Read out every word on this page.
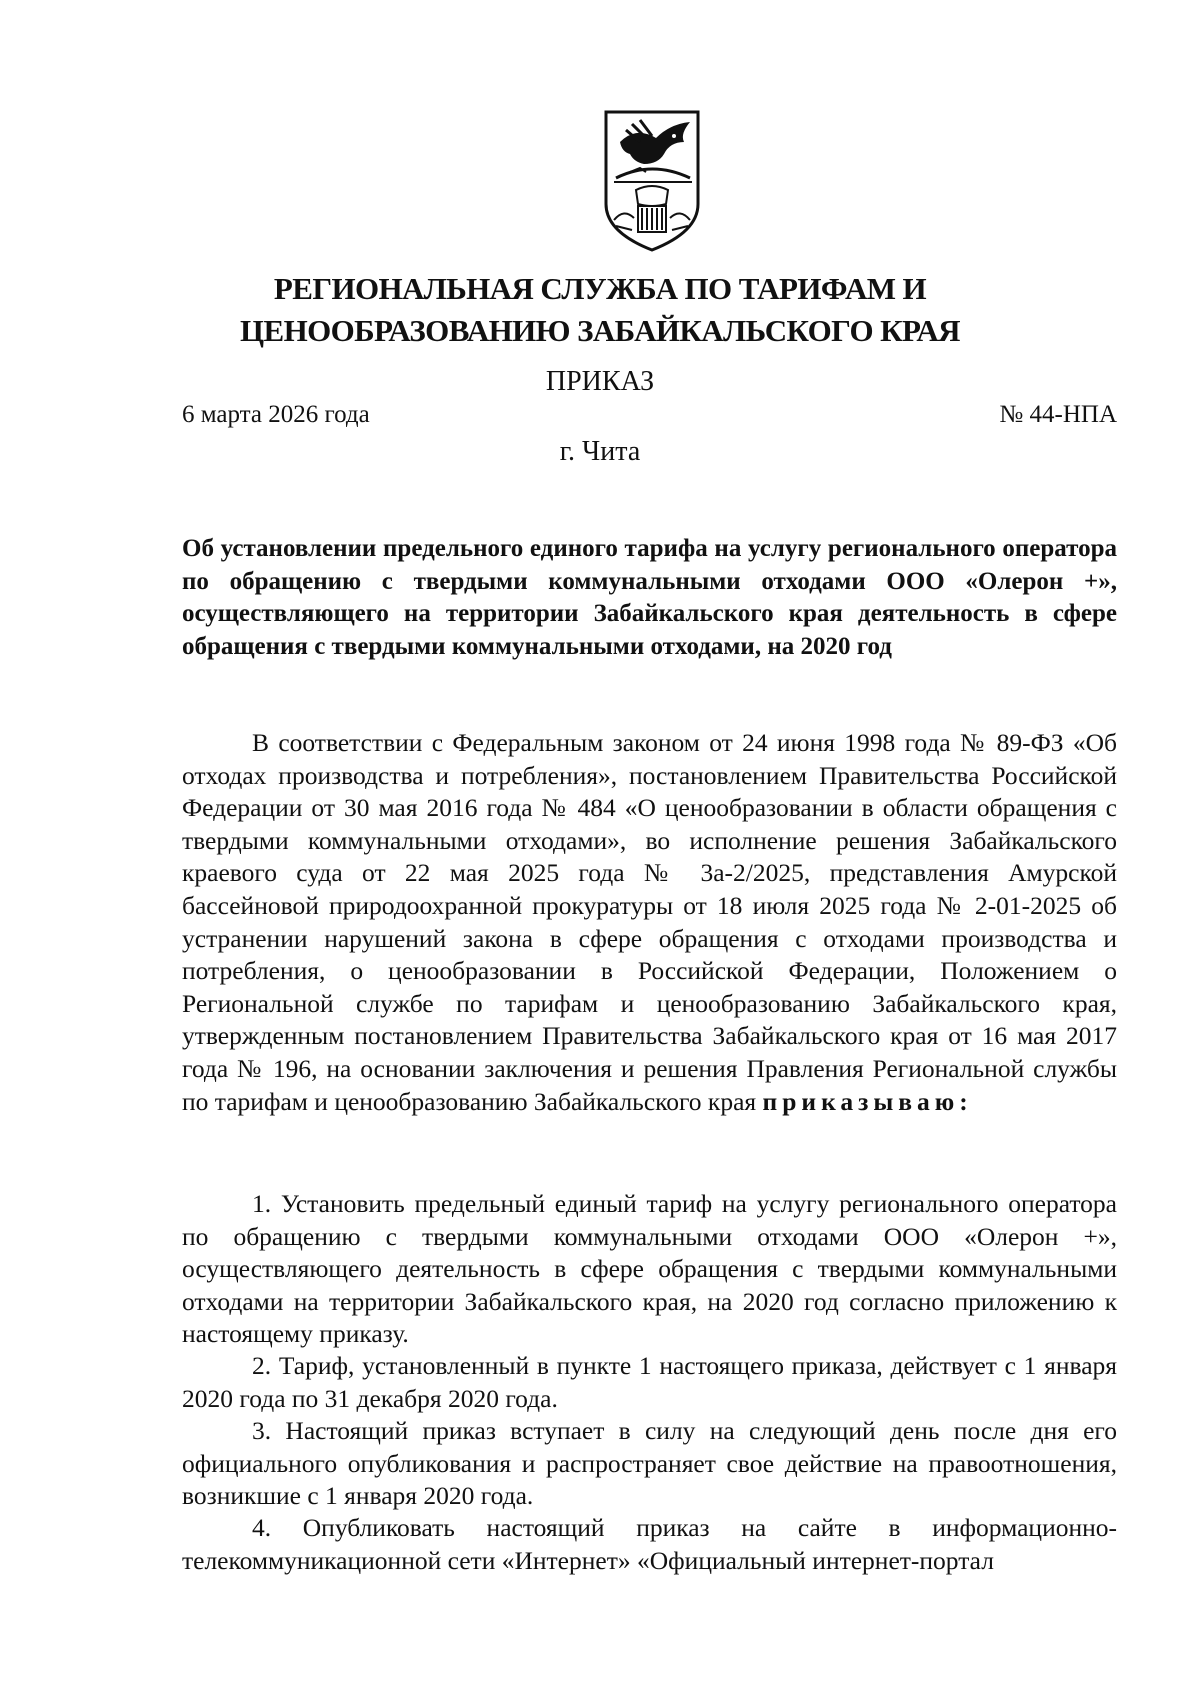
РЕГИОНАЛЬНАЯ СЛУЖБА ПО ТАРИФАМ И
ЦЕНООБРАЗОВАНИЮ ЗАБАЙКАЛЬСКОГО КРАЯ
ПРИКАЗ
6 марта 2026 года	№ 44-НПА
г. Чита
Об установлении предельного единого тарифа на услугу регионального оператора по обращению с твердыми коммунальными отходами ООО «Олерон +», осуществляющего на территории Забайкальского края деятельность в сфере обращения с твердыми коммунальными отходами, на 2020 год

В соответствии с Федеральным законом от 24 июня 1998 года № 89-ФЗ «Об отходах производства и потребления», постановлением Правительства Российской Федерации от 30 мая 2016 года № 484 «О ценообразовании в области обращения с твердыми коммунальными отходами», во исполнение решения Забайкальского краевого суда от 22 мая 2025 года № 3а-2/2025, представления Амурской бассейновой природоохранной прокуратуры от 18 июля 2025 года № 2-01-2025 об устранении нарушений закона в сфере обращения с отходами производства и потребления, о ценообразовании в Российской Федерации, Положением о Региональной службе по тарифам и ценообразованию Забайкальского края, утвержденным постановлением Правительства Забайкальского края от 16 мая 2017 года № 196, на основании заключения и решения Правления Региональной службы по тарифам и ценообразованию Забайкальского края приказываю:

1. Установить предельный единый тариф на услугу регионального оператора по обращению с твердыми коммунальными отходами ООО «Олерон +», осуществляющего деятельность в сфере обращения с твердыми коммунальными отходами на территории Забайкальского края, на 2020 год согласно приложению к настоящему приказу.

2. Тариф, установленный в пункте 1 настоящего приказа, действует с 1 января 2020 года по 31 декабря 2020 года.

3. Настоящий приказ вступает в силу на следующий день после дня его официального опубликования и распространяет свое действие на правоотношения, возникшие с 1 января 2020 года.

4. Опубликовать настоящий приказ на сайте в информационно-телекоммуникационной сети «Интернет» «Официальный интернет-портал
